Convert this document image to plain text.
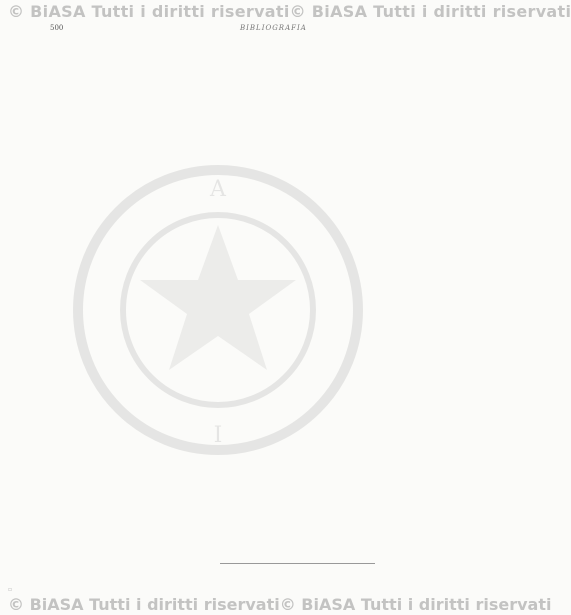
© BiASA Tutti i diritti riservati © BiASA Tutti i diritti riservati
A
I
500	BIBLIOGRAFIA
▫
© BiASA Tutti i diritti riservati © BiASA Tutti i diritti riservati
